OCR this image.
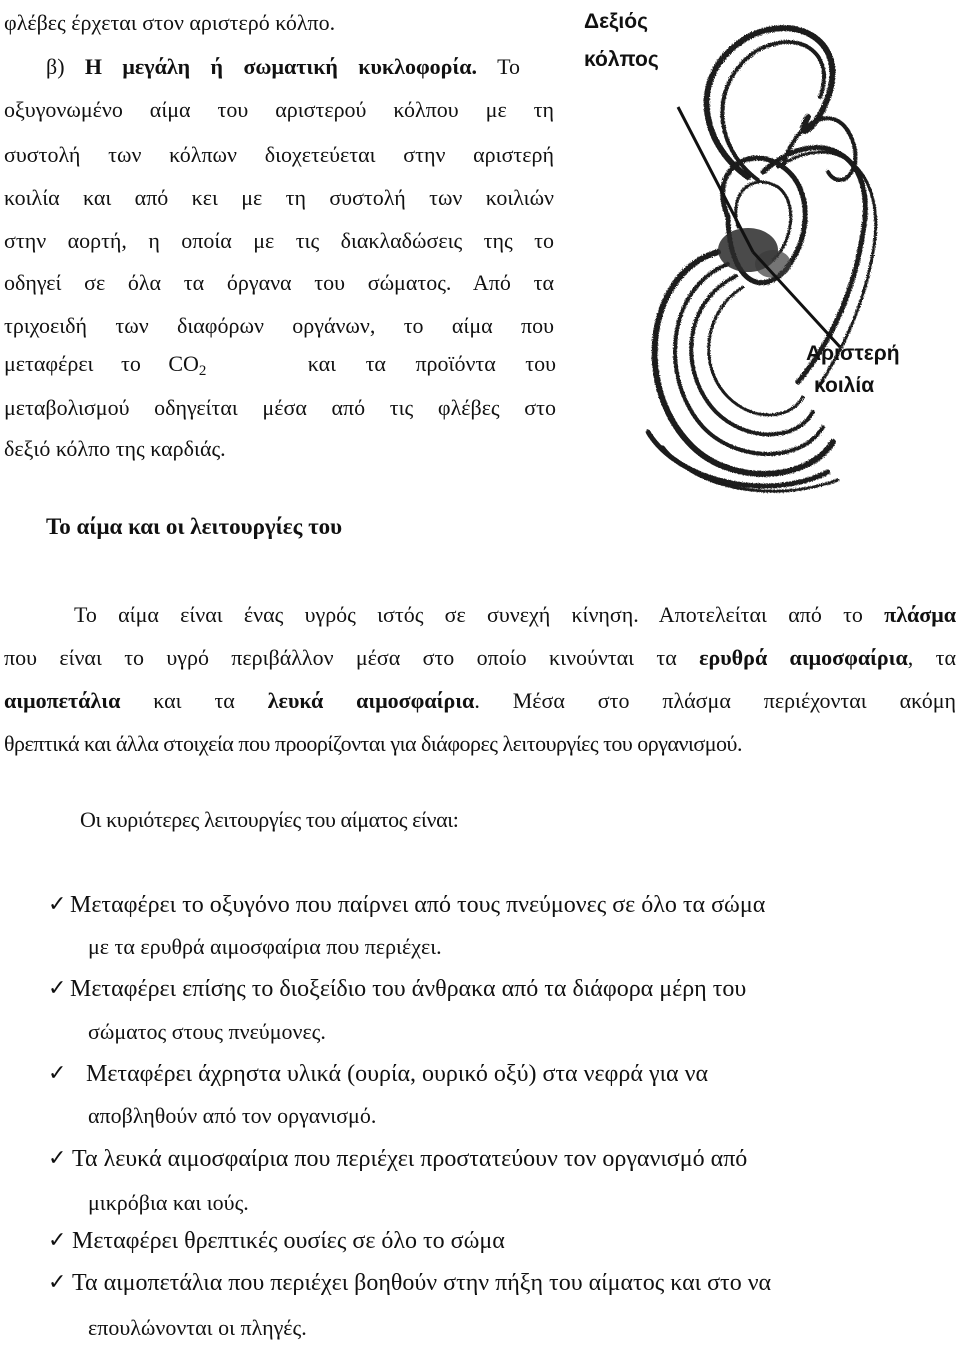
φλέβες έρχεται στον αριστερό κόλπο.
β) Η μεγάλη ή σωματική κυκλοφορία. Το
οξυγονωμένο αίμα του αριστερού κόλπου με τη
συστολή των κόλπων διοχετεύεται στην αριστερή
κοιλία και από κει με τη συστολή των κοιλιών
στην αορτή, η οποία με τις διακλαδώσεις της το
οδηγεί σε όλα τα όργανα του σώματος. Από τα
τριχοειδή των διαφόρων οργάνων, το αίμα που
μεταφέρει το $CO_2$	και τα προϊόντα του
μεταβολισμού οδηγείται μέσα από τις φλέβες στο
δεξιό κόλπο της καρδιάς.
Δεξιός
κόλπος
Αριστερή
κοιλία
Το αίμα και οι λειτουργίες του
Το αίμα είναι ένας υγρός ιστός σε συνεχή κίνηση. Αποτελείται από το πλάσμα
που είναι το υγρό περιβάλλον μέσα στο οποίο κινούνται τα ερυθρά αιμοσφαίρια, τα
αιμοπετάλια και τα λευκά αιμοσφαίρια. Μέσα στο πλάσμα περιέχονται ακόμη
θρεπτικά και άλλα στοιχεία που προορίζονται για διάφορες λειτουργίες του οργανισμού.
Οι κυριότερες λειτουργίες του αίματος είναι:
✓ Μεταφέρει το οξυγόνο που παίρνει από τους πνεύμονες σε όλο τα σώμα
με τα ερυθρά αιμοσφαίρια που περιέχει.
✓ Μεταφέρει επίσης το διοξείδιο του άνθρακα από τα διάφορα μέρη του
σώματος στους πνεύμονες.
✓ Μεταφέρει άχρηστα υλικά (ουρία, ουρικό οξύ) στα νεφρά για να
αποβληθούν από τον οργανισμό.
✓ Τα λευκά αιμοσφαίρια που περιέχει προστατεύουν τον οργανισμό από
μικρόβια και ιούς.
✓ Μεταφέρει θρεπτικές ουσίες σε όλο το σώμα
✓ Τα αιμοπετάλια που περιέχει βοηθούν στην πήξη του αίματος και στο να
επουλώνονται οι πληγές.
